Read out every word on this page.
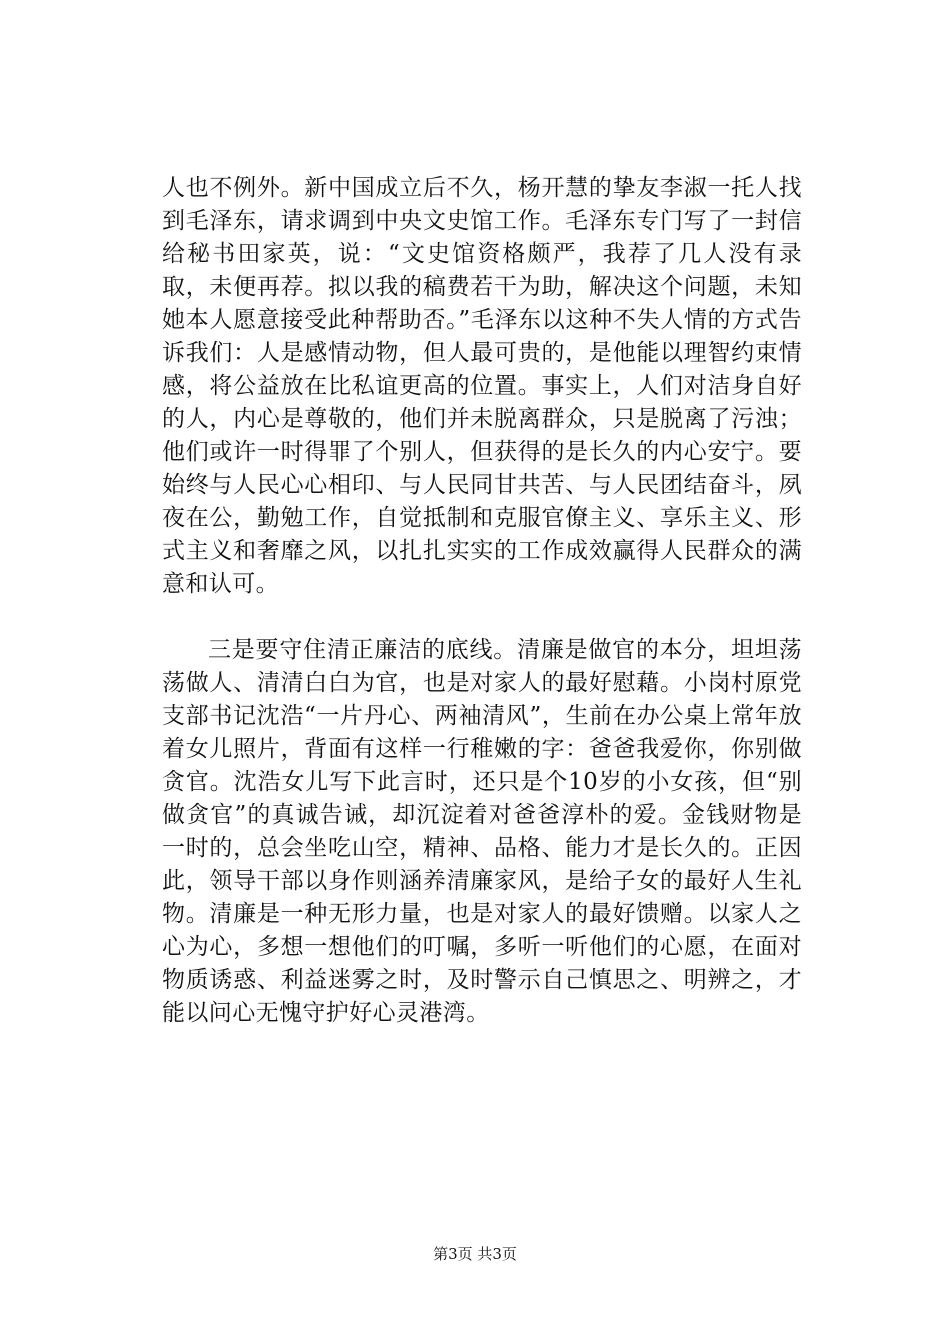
人也不例外。新中国成立后不久，杨开慧的挚友李淑一托人找到毛泽东，请求调到中央文史馆工作。毛泽东专门写了一封信给秘书田家英，说：“文史馆资格颇严，我荐了几人没有录取，未便再荐。拟以我的稿费若干为助，解决这个问题，未知她本人愿意接受此种帮助否。”毛泽东以这种不失人情的方式告诉我们：人是感情动物，但人最可贵的，是他能以理智约束情感，将公益放在比私谊更高的位置。事实上，人们对洁身自好的人，内心是尊敬的，他们并未脱离群众，只是脱离了污浊；他们或许一时得罪了个别人，但获得的是长久的内心安宁。要始终与人民心心相印、与人民同甘共苦、与人民团结奋斗，夙夜在公，勤勉工作，自觉抵制和克服官僚主义、享乐主义、形式主义和奢靡之风，以扎扎实实的工作成效赢得人民群众的满意和认可。

三是要守住清正廉洁的底线。清廉是做官的本分，坦坦荡荡做人、清清白白为官，也是对家人的最好慰藉。小岗村原党支部书记沈浩“一片丹心、两袖清风”，生前在办公桌上常年放着女儿照片，背面有这样一行稚嫩的字：爸爸我爱你，你别做贪官。沈浩女儿写下此言时，还只是个10岁的小女孩，但“别做贪官”的真诚告诫，却沉淀着对爸爸淳朴的爱。金钱财物是一时的，总会坐吃山空，精神、品格、能力才是长久的。正因此，领导干部以身作则涵养清廉家风，是给子女的最好人生礼物。清廉是一种无形力量，也是对家人的最好馈赠。以家人之心为心，多想一想他们的叮嘱，多听一听他们的心愿，在面对物质诱惑、利益迷雾之时，及时警示自己慎思之、明辨之，才能以问心无愧守护好心灵港湾。

第3页 共3页
